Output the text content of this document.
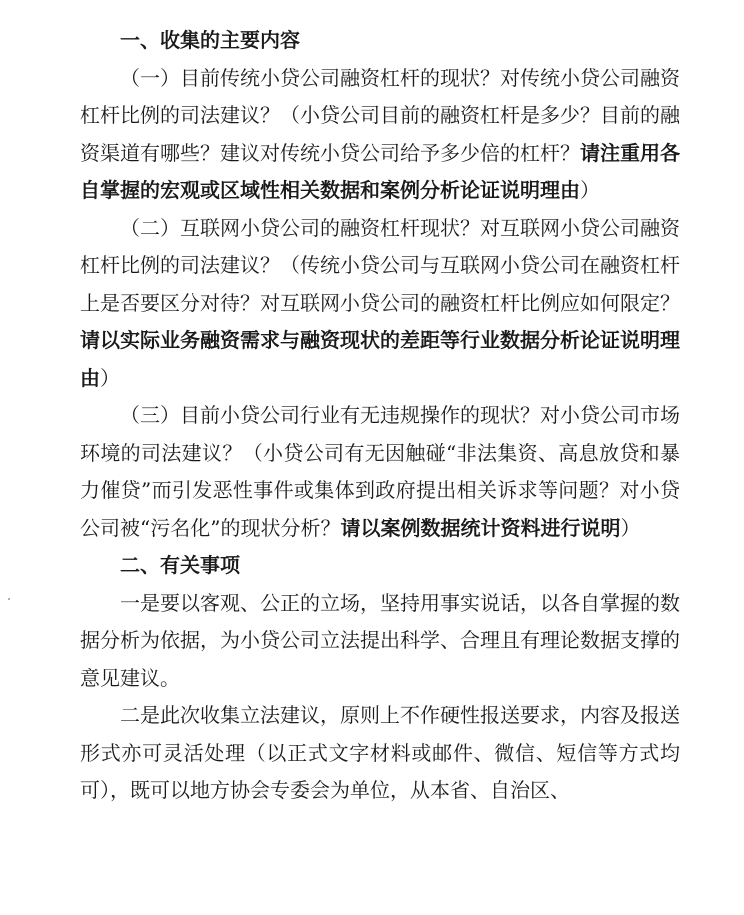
一、收集的主要内容

（一）目前传统小贷公司融资杠杆的现状？对传统小贷公司融资杠杆比例的司法建议？（小贷公司目前的融资杠杆是多少？目前的融资渠道有哪些？建议对传统小贷公司给予多少倍的杠杆？请注重用各自掌握的宏观或区域性相关数据和案例分析论证说明理由）

（二）互联网小贷公司的融资杠杆现状？对互联网小贷公司融资杠杆比例的司法建议？（传统小贷公司与互联网小贷公司在融资杠杆上是否要区分对待？对互联网小贷公司的融资杠杆比例应如何限定？请以实际业务融资需求与融资现状的差距等行业数据分析论证说明理由）

（三）目前小贷公司行业有无违规操作的现状？对小贷公司市场环境的司法建议？（小贷公司有无因触碰“非法集资、高息放贷和暴力催贷”而引发恶性事件或集体到政府提出相关诉求等问题？对小贷公司被“污名化”的现状分析？请以案例数据统计资料进行说明）

二、有关事项

一是要以客观、公正的立场，坚持用事实说话，以各自掌握的数据分析为依据，为小贷公司立法提出科学、合理且有理论数据支撑的意见建议。

二是此次收集立法建议，原则上不作硬性报送要求，内容及报送形式亦可灵活处理（以正式文字材料或邮件、微信、短信等方式均可），既可以地方协会专委会为单位，从本省、自治区、
